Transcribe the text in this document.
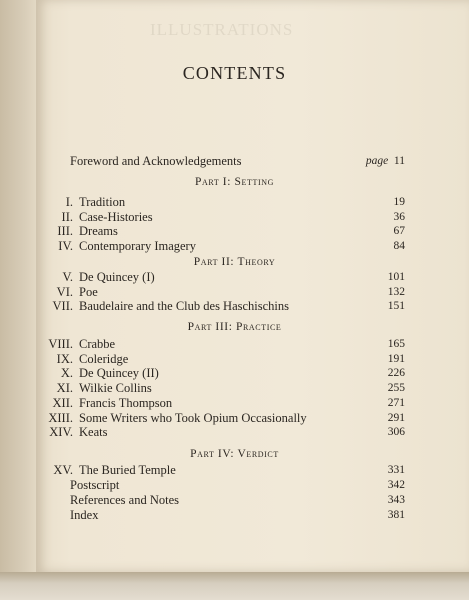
ILLUSTRATIONS
CONTENTS
Foreword and Acknowledgements	page 11
Part I: Setting
I. Tradition	19
II. Case-Histories	36
III. Dreams	67
IV. Contemporary Imagery	84
Part II: Theory
V. De Quincey (I)	101
VI. Poe	132
VII. Baudelaire and the Club des Haschischins	151
Part III: Practice
VIII. Crabbe	165
IX. Coleridge	191
X. De Quincey (II)	226
XI. Wilkie Collins	255
XII. Francis Thompson	271
XIII. Some Writers who Took Opium Occasionally	291
XIV. Keats	306
Part IV: Verdict
XV. The Buried Temple	331
Postscript	342
References and Notes	343
Index	381
